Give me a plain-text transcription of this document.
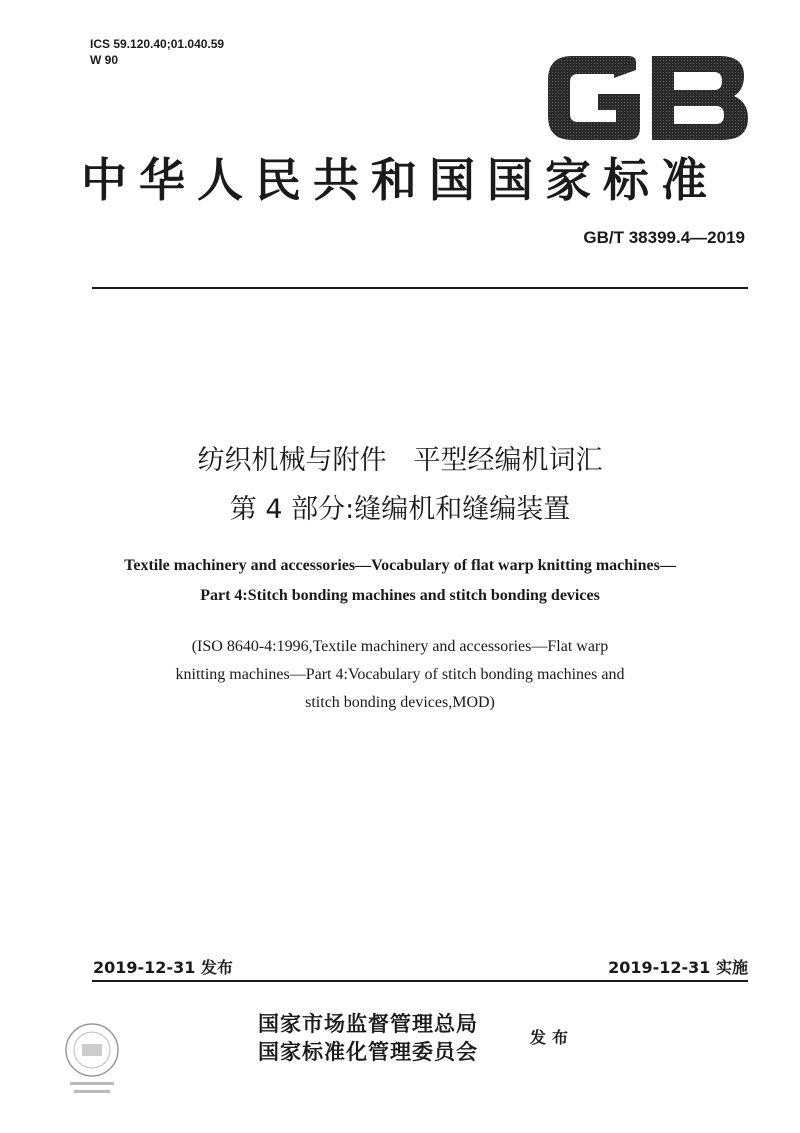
ICS 59.120.40;01.040.59
W 90
中华人民共和国国家标准
GB/T 38399.4—2019
纺织机械与附件　平型经编机词汇
第 4 部分:缝编机和缝编装置
Textile machinery and accessories—Vocabulary of flat warp knitting machines—
Part 4:Stitch bonding machines and stitch bonding devices
(ISO 8640-4:1996,Textile machinery and accessories—Flat warp
knitting machines—Part 4:Vocabulary of stitch bonding machines and
stitch bonding devices,MOD)
2019-12-31 发布	2019-12-31 实施
国家市场监督管理总局
国家标准化管理委员会
发布
